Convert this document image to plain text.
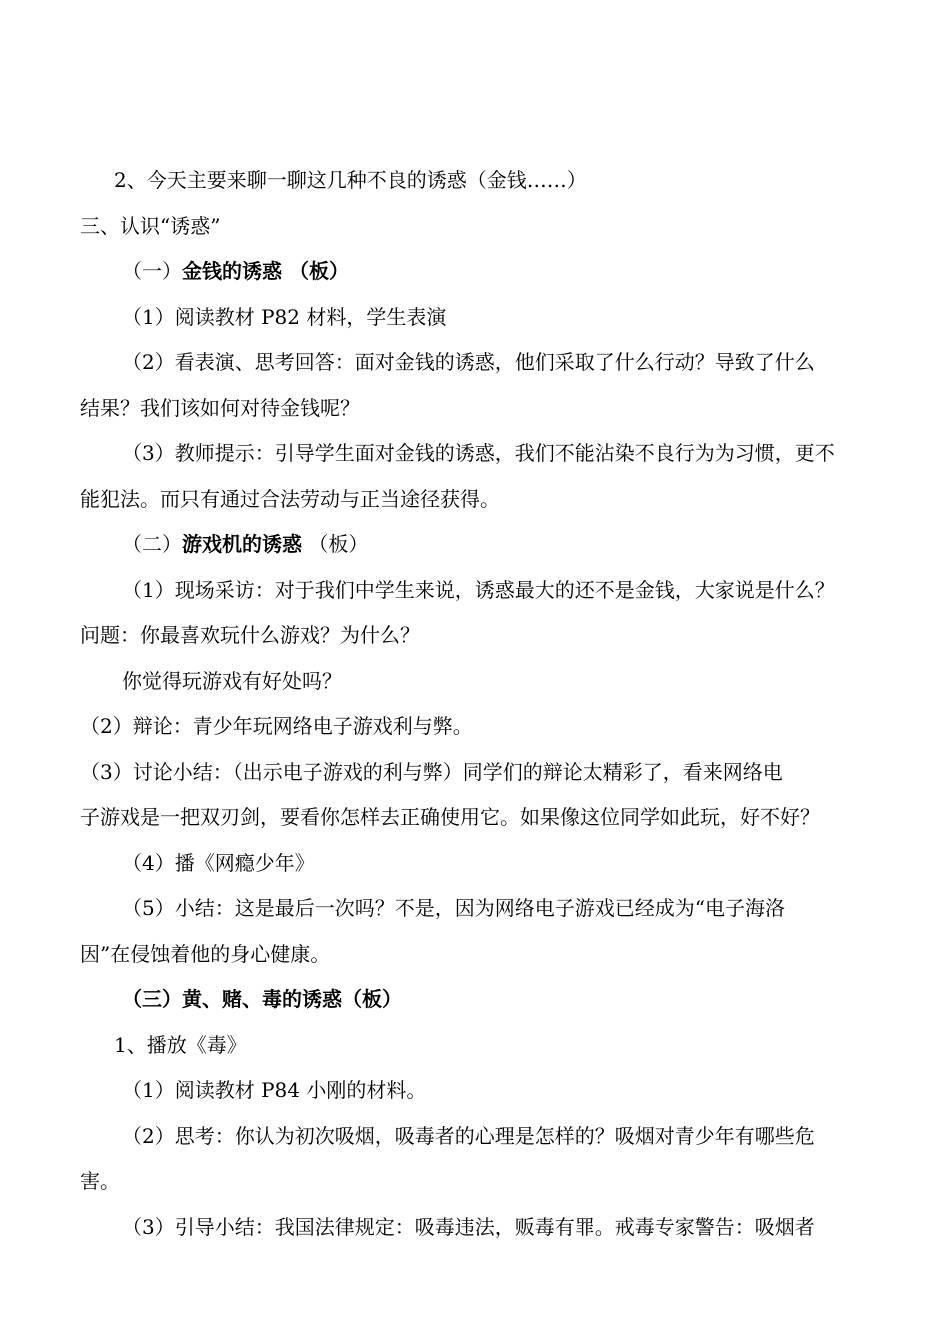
2、今天主要来聊一聊这几种不良的诱惑（金钱……）
三、认识“诱惑”
（一）金钱的诱惑 （板）
（1）阅读教材 P82 材料，学生表演
（2）看表演、思考回答：面对金钱的诱惑，他们采取了什么行动？导致了什么
结果？我们该如何对待金钱呢？
（3）教师提示：引导学生面对金钱的诱惑，我们不能沾染不良行为为习惯，更不
能犯法。而只有通过合法劳动与正当途径获得。
（二）游戏机的诱惑 （板）
（1）现场采访：对于我们中学生来说，诱惑最大的还不是金钱，大家说是什么？
问题：你最喜欢玩什么游戏？为什么？
你觉得玩游戏有好处吗？
（2）辩论：青少年玩网络电子游戏利与弊。
（3）讨论小结：（出示电子游戏的利与弊）同学们的辩论太精彩了，看来网络电
子游戏是一把双刃剑，要看你怎样去正确使用它。如果像这位同学如此玩，好不好？
（4）播《网瘾少年》
（5）小结：这是最后一次吗？不是，因为网络电子游戏已经成为“电子海洛
因”在侵蚀着他的身心健康。
（三）黄、赌、毒的诱惑（板）
1、播放《毒》
（1）阅读教材 P84 小刚的材料。
（2）思考：你认为初次吸烟，吸毒者的心理是怎样的？吸烟对青少年有哪些危
害。
（3）引导小结：我国法律规定：吸毒违法，贩毒有罪。戒毒专家警告：吸烟者
